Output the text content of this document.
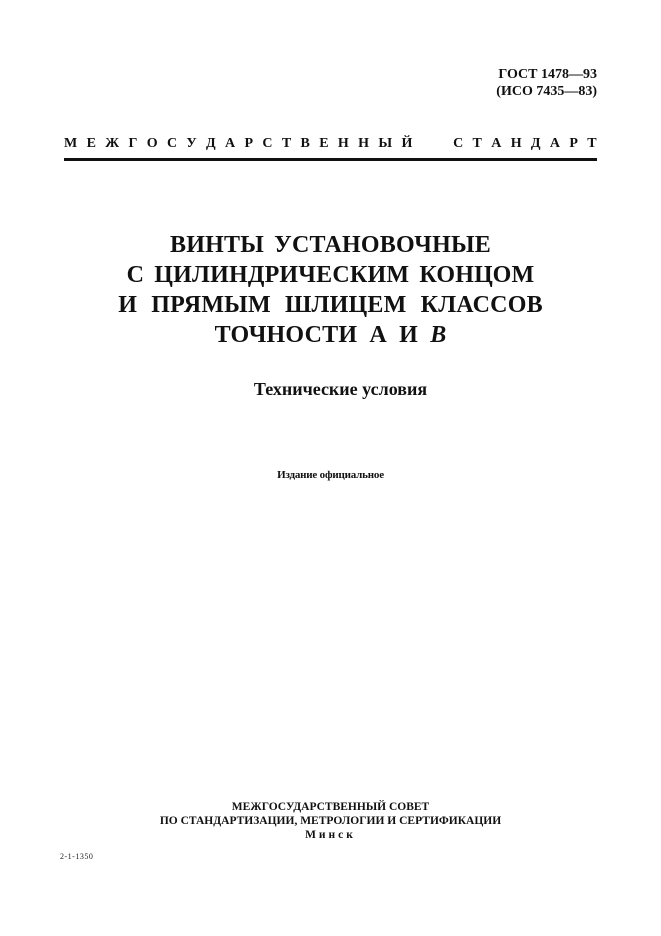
ГОСТ 1478—93
(ИСО 7435—83)
М Е Ж Г О С У Д А Р С Т В Е Н Н Ы Й	С Т А Н Д А Р Т
ВИНТЫ УСТАНОВОЧНЫЕ
С ЦИЛИНДРИЧЕСКИМ КОНЦОМ
И ПРЯМЫМ ШЛИЦЕМ КЛАССОВ
ТОЧНОСТИ А И В
Технические условия
Издание официальное
МЕЖГОСУДАРСТВЕННЫЙ СОВЕТ
ПО СТАНДАРТИЗАЦИИ, МЕТРОЛОГИИ И СЕРТИФИКАЦИИ
Минск
2-1-1350
